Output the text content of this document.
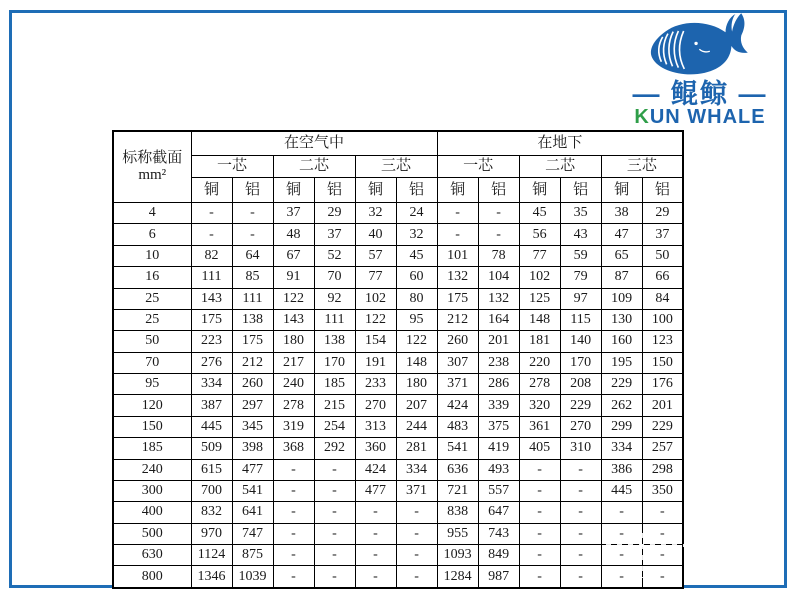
— 鲲鲸 —
KUN WHALE
标称截面
mm²	在空气中						在地下					
	一芯		二芯		三芯		一芯		二芯		三芯	
	铜	铝	铜	铝	铜	铝	铜	铝	铜	铝	铜	铝
4	-	-	37	29	32	24	-	-	45	35	38	29
6	-	-	48	37	40	32	-	-	56	43	47	37
10	82	64	67	52	57	45	101	78	77	59	65	50
16	111	85	91	70	77	60	132	104	102	79	87	66
25	143	111	122	92	102	80	175	132	125	97	109	84
25	175	138	143	111	122	95	212	164	148	115	130	100
50	223	175	180	138	154	122	260	201	181	140	160	123
70	276	212	217	170	191	148	307	238	220	170	195	150
95	334	260	240	185	233	180	371	286	278	208	229	176
120	387	297	278	215	270	207	424	339	320	229	262	201
150	445	345	319	254	313	244	483	375	361	270	299	229
185	509	398	368	292	360	281	541	419	405	310	334	257
240	615	477	-	-	424	334	636	493	-	-	386	298
300	700	541	-	-	477	371	721	557	-	-	445	350
400	832	641	-	-	-	-	838	647	-	-	-	-
500	970	747	-	-	-	-	955	743	-	-	-	-
630	1124	875	-	-	-	-	1093	849	-	-	-	-
800	1346	1039	-	-	-	-	1284	987	-	-	-	-
